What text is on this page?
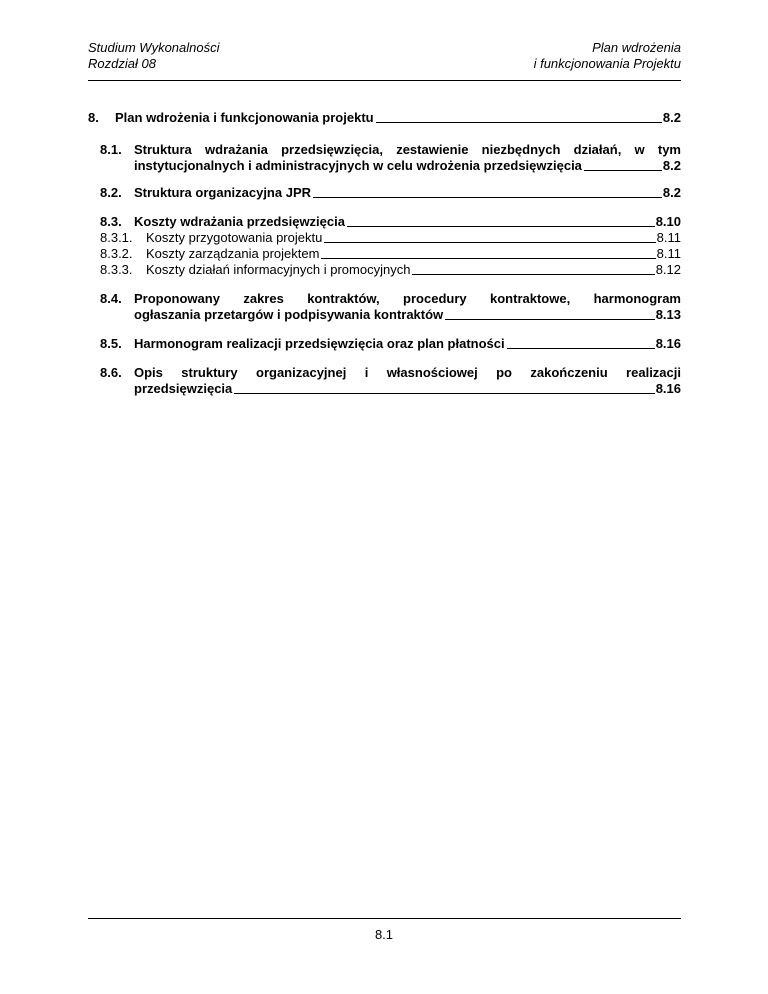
Studium Wykonalności
Rozdział 08
Plan wdrożenia
i funkcjonowania Projektu
8.	Plan wdrożenia i funkcjonowania projektu	8.2
8.1. Struktura wdrażania przedsięwzięcia, zestawienie niezbędnych działań, w tym
instytucjonalnych i administracyjnych w celu wdrożenia przedsięwzięcia	8.2
8.2. Struktura organizacyjna JPR	8.2
8.3. Koszty wdrażania przedsięwzięcia	8.10
8.3.1.	Koszty przygotowania projektu	8.11
8.3.2.	Koszty zarządzania projektem	8.11
8.3.3.	Koszty działań informacyjnych i promocyjnych	8.12
8.4. Proponowany zakres kontraktów, procedury kontraktowe, harmonogram
ogłaszania przetargów i podpisywania kontraktów	8.13
8.5. Harmonogram realizacji przedsięwzięcia oraz plan płatności	8.16
8.6. Opis struktury organizacyjnej i własnościowej po zakończeniu realizacji
przedsięwzięcia	8.16
8.1
